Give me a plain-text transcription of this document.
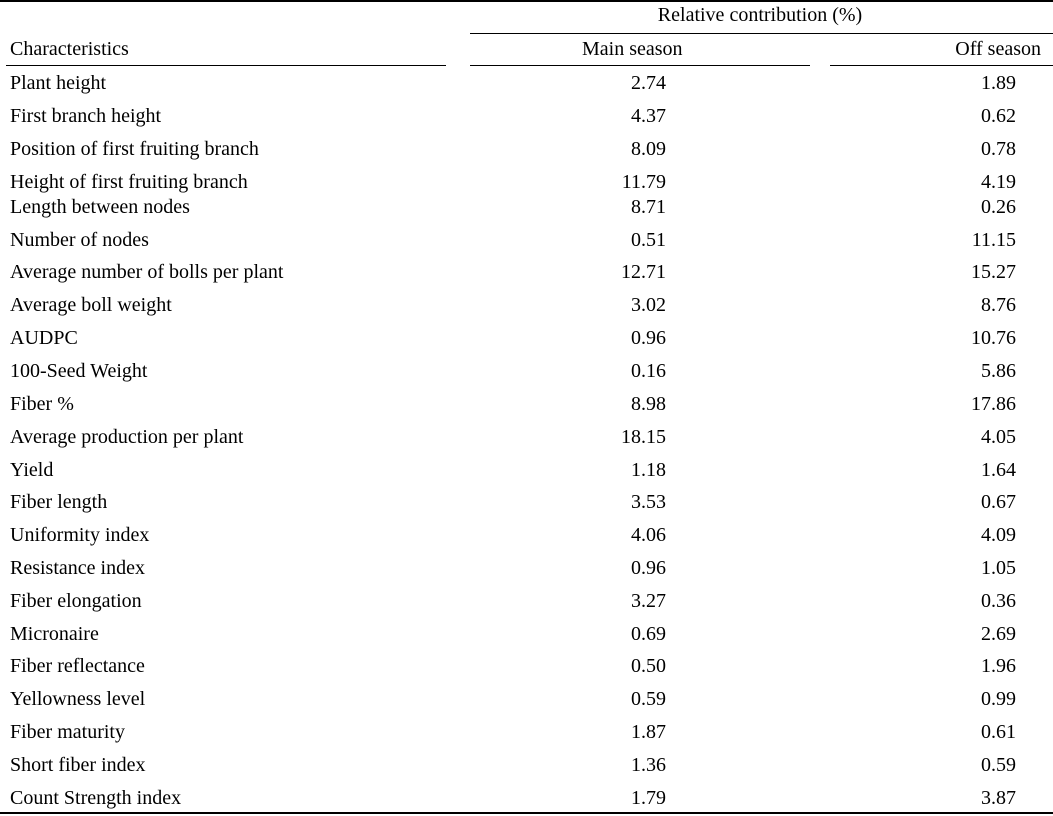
Relative contribution (%)
Characteristics	Main season	Off season
Plant height	2.74	1.89
First branch height	4.37	0.62
Position of first fruiting branch	8.09	0.78
Height of first fruiting branch	11.79	4.19
Length between nodes	8.71	0.26
Number of nodes	0.51	11.15
Average number of bolls per plant	12.71	15.27
Average boll weight	3.02	8.76
AUDPC	0.96	10.76
100-Seed Weight	0.16	5.86
Fiber %	8.98	17.86
Average production per plant	18.15	4.05
Yield	1.18	1.64
Fiber length	3.53	0.67
Uniformity index	4.06	4.09
Resistance index	0.96	1.05
Fiber elongation	3.27	0.36
Micronaire	0.69	2.69
Fiber reflectance	0.50	1.96
Yellowness level	0.59	0.99
Fiber maturity	1.87	0.61
Short fiber index	1.36	0.59
Count Strength index	1.79	3.87
